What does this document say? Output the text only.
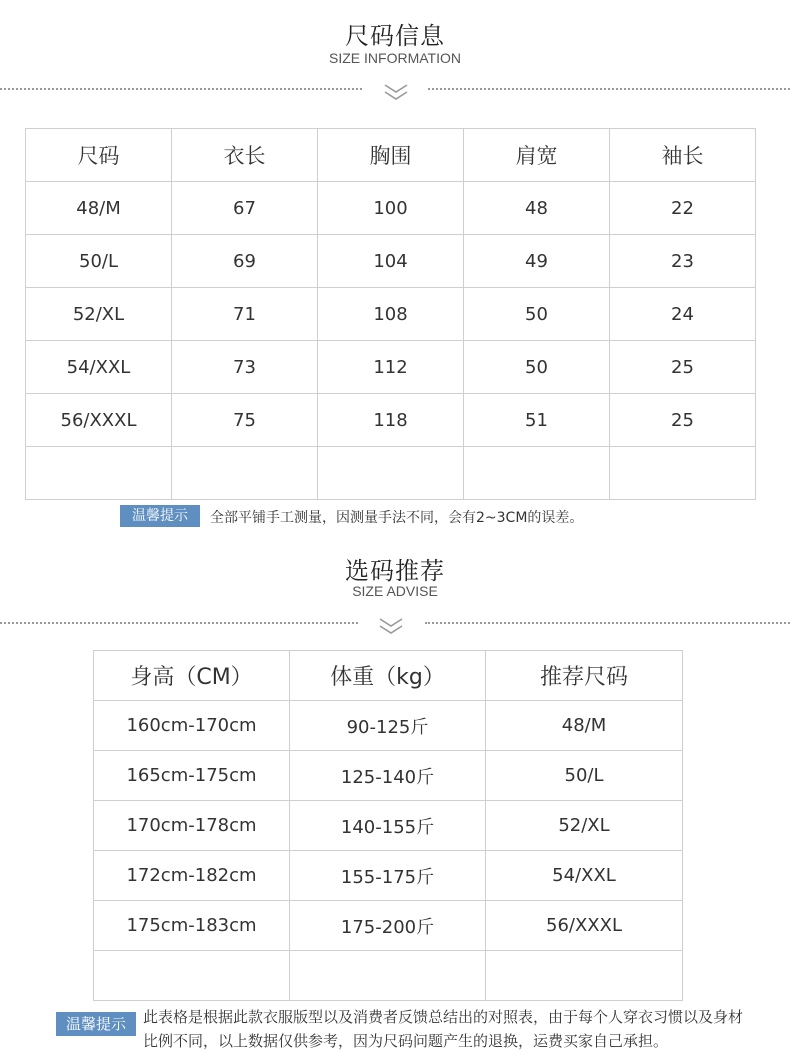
尺码信息
SIZE INFORMATION
尺码	衣长	胸围	肩宽	袖长
48/M	67	100	48	22
50/L	69	104	49	23
52/XL	71	108	50	24
54/XXL	73	112	50	25
56/XXXL	75	118	51	25

温馨提示	全部平铺手工测量，因测量手法不同，会有2~3CM的误差。
选码推荐
SIZE ADVISE
身高（CM）	体重（kg）	推荐尺码
160cm-170cm	90-125斤	48/M
165cm-175cm	125-140斤	50/L
170cm-178cm	140-155斤	52/XL
172cm-182cm	155-175斤	54/XXL
175cm-183cm	175-200斤	56/XXXL

温馨提示	此表格是根据此款衣服版型以及消费者反馈总结出的对照表，由于每个人穿衣习惯以及身材比例不同，以上数据仅供参考，因为尺码问题产生的退换，运费买家自己承担。
